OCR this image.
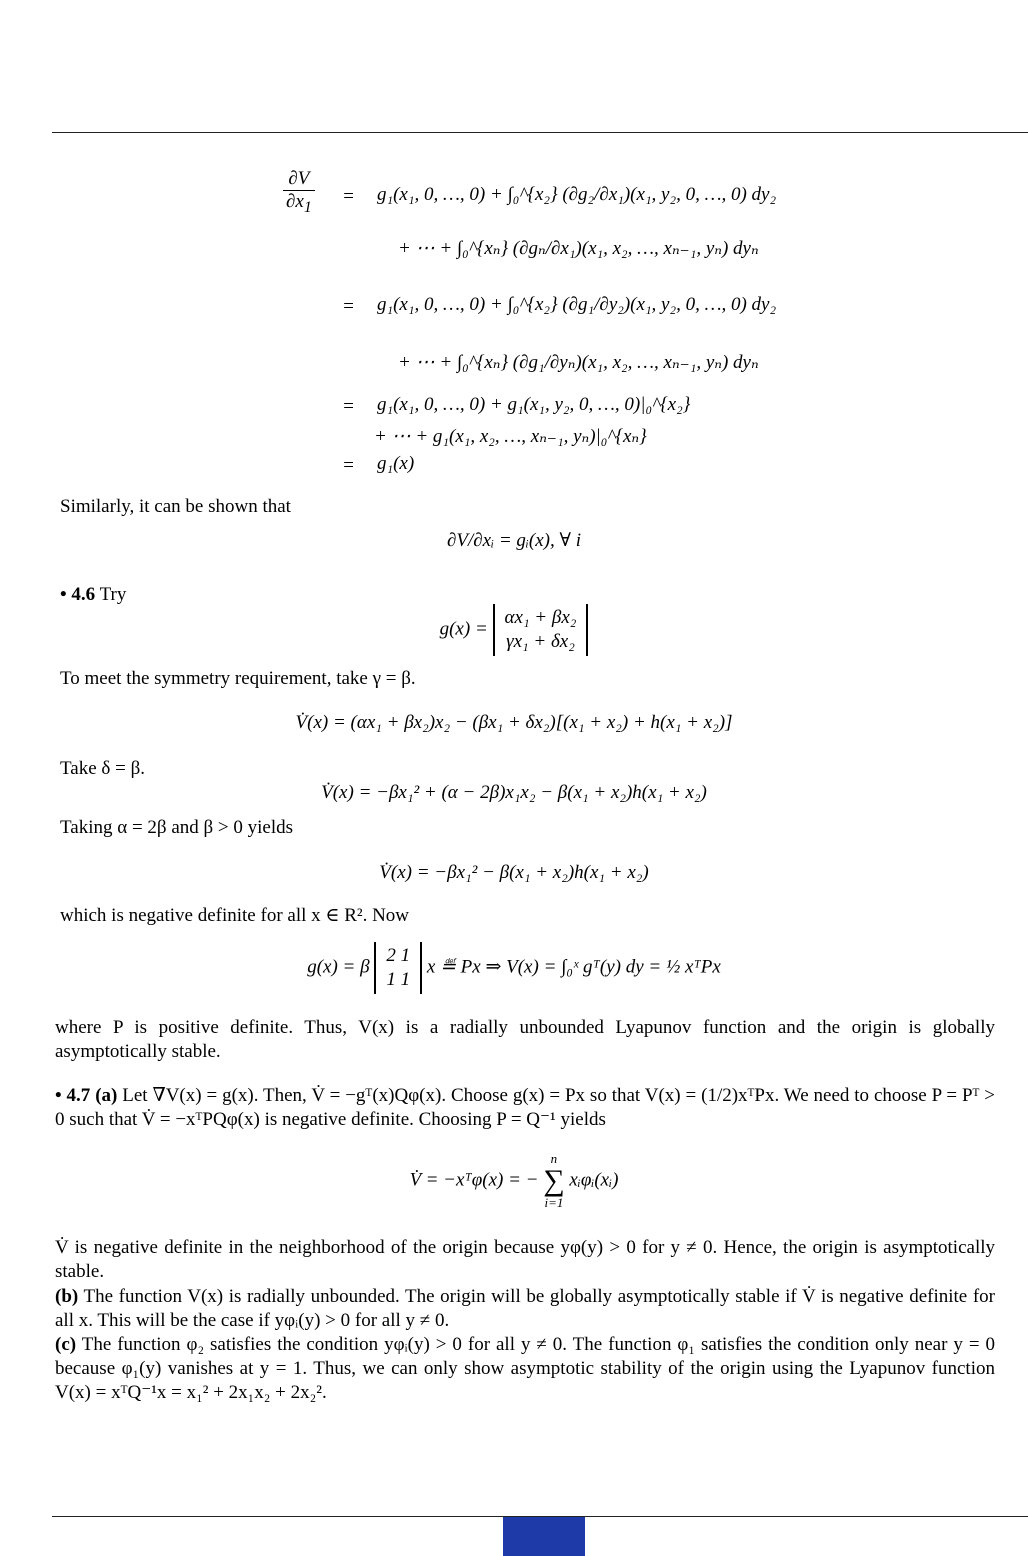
$\frac{\partial V}{\partial x_1} = g_1(x_1$, 0, …, 0) + ∫₀^{x₂} (∂g₂/∂x₁)(x₁, y₂, 0, …, 0) dy₂
+ ⋯ + ∫₀^{xₙ} (∂gₙ/∂x₁)(x₁, x₂, …, xₙ₋₁, yₙ) dyₙ
= g₁(x₁, 0, …, 0) + ∫₀^{x₂} (∂g₁/∂y₂)(x₁, y₂, 0, …, 0) dy₂
+ ⋯ + ∫₀^{xₙ} (∂g₁/∂yₙ)(x₁, x₂, …, xₙ₋₁, yₙ) dyₙ
= g₁(x₁, 0, …, 0) + g₁(x₁, y₂, 0, …, 0)|₀^{x₂}
+ ⋯ + g₁(x₁, x₂, …, xₙ₋₁, yₙ)|₀^{xₙ}
= g₁(x)
Similarly, it can be shown that
∂V/∂xᵢ = gᵢ(x), ∀ i
• 4.6 Try
g(x) =
αx₁ + βx₂
γx₁ + δx₂
To meet the symmetry requirement, take γ = β.
V̇(x) = (αx₁ + βx₂)x₂ − (βx₁ + δx₂)[(x₁ + x₂) + h(x₁ + x₂)]
Take δ = β.
V̇(x) = −βx₁² + (α − 2β)x₁x₂ − β(x₁ + x₂)h(x₁ + x₂)
Taking α = 2β and β > 0 yields
V̇(x) = −βx₁² − β(x₁ + x₂)h(x₁ + x₂)
which is negative definite for all x ∈ R². Now
g(x) = β
2 1
1 1
x ≝ Px ⇒ V(x) = ∫₀ˣ gᵀ(y) dy = ½ xᵀPx
where P is positive definite. Thus, V(x) is a radially unbounded Lyapunov function and the origin is globally asymptotically stable.
• 4.7 (a) Let ∇V(x) = g(x). Then, V̇ = −gᵀ(x)Qφ(x). Choose g(x) = Px so that V(x) = (1/2)xᵀPx. We need to choose P = Pᵀ > 0 such that V̇ = −xᵀPQφ(x) is negative definite. Choosing P = Q⁻¹ yields
V̇ = −xᵀφ(x) = − n
∑
i=1 xᵢφᵢ(xᵢ)
V̇ is negative definite in the neighborhood of the origin because yφ(y) > 0 for y ≠ 0. Hence, the origin is asymptotically stable.
(b) The function V(x) is radially unbounded. The origin will be globally asymptotically stable if V̇ is negative definite for all x. This will be the case if yφᵢ(y) > 0 for all y ≠ 0.
(c) The function φ₂ satisfies the condition yφᵢ(y) > 0 for all y ≠ 0. The function φ₁ satisfies the condition only near y = 0 because φ₁(y) vanishes at y = 1. Thus, we can only show asymptotic stability of the origin using the Lyapunov function V(x) = xᵀQ⁻¹x = x₁² + 2x₁x₂ + 2x₂².
